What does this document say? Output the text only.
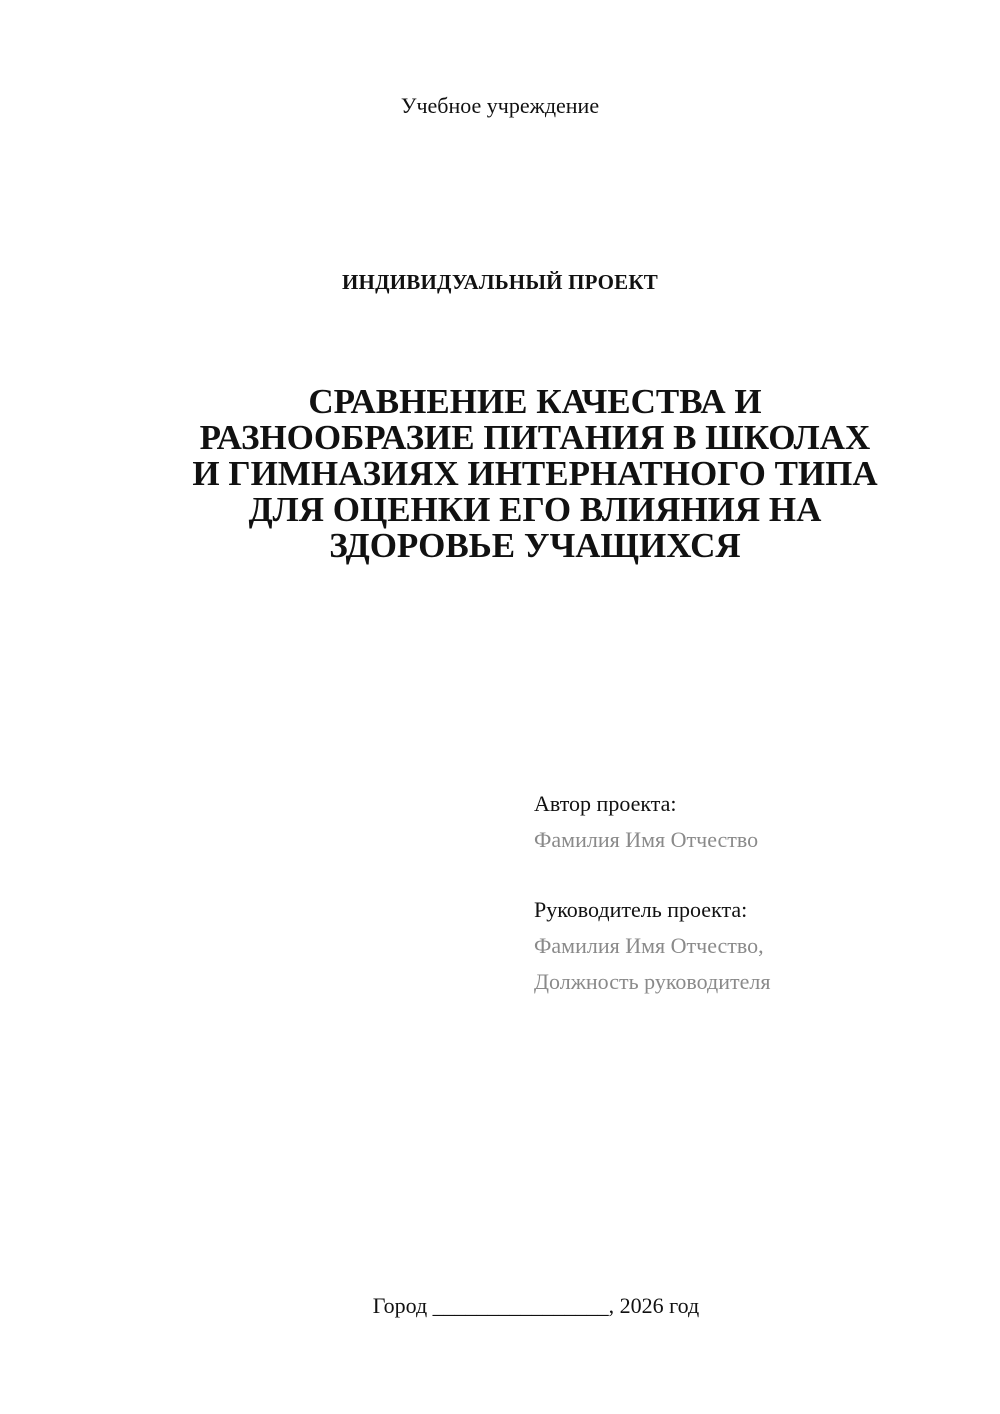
Учебное учреждение
ИНДИВИДУАЛЬНЫЙ ПРОЕКТ
СРАВНЕНИЕ КАЧЕСТВА И
РАЗНООБРАЗИЕ ПИТАНИЯ В ШКОЛАХ
И ГИМНАЗИЯХ ИНТЕРНАТНОГО ТИПА
ДЛЯ ОЦЕНКИ ЕГО ВЛИЯНИЯ НА
ЗДОРОВЬЕ УЧАЩИХСЯ
Автор проекта:
Фамилия Имя Отчество
Руководитель проекта:
Фамилия Имя Отчество,
Должность руководителя
Город ________________, 2026 год
